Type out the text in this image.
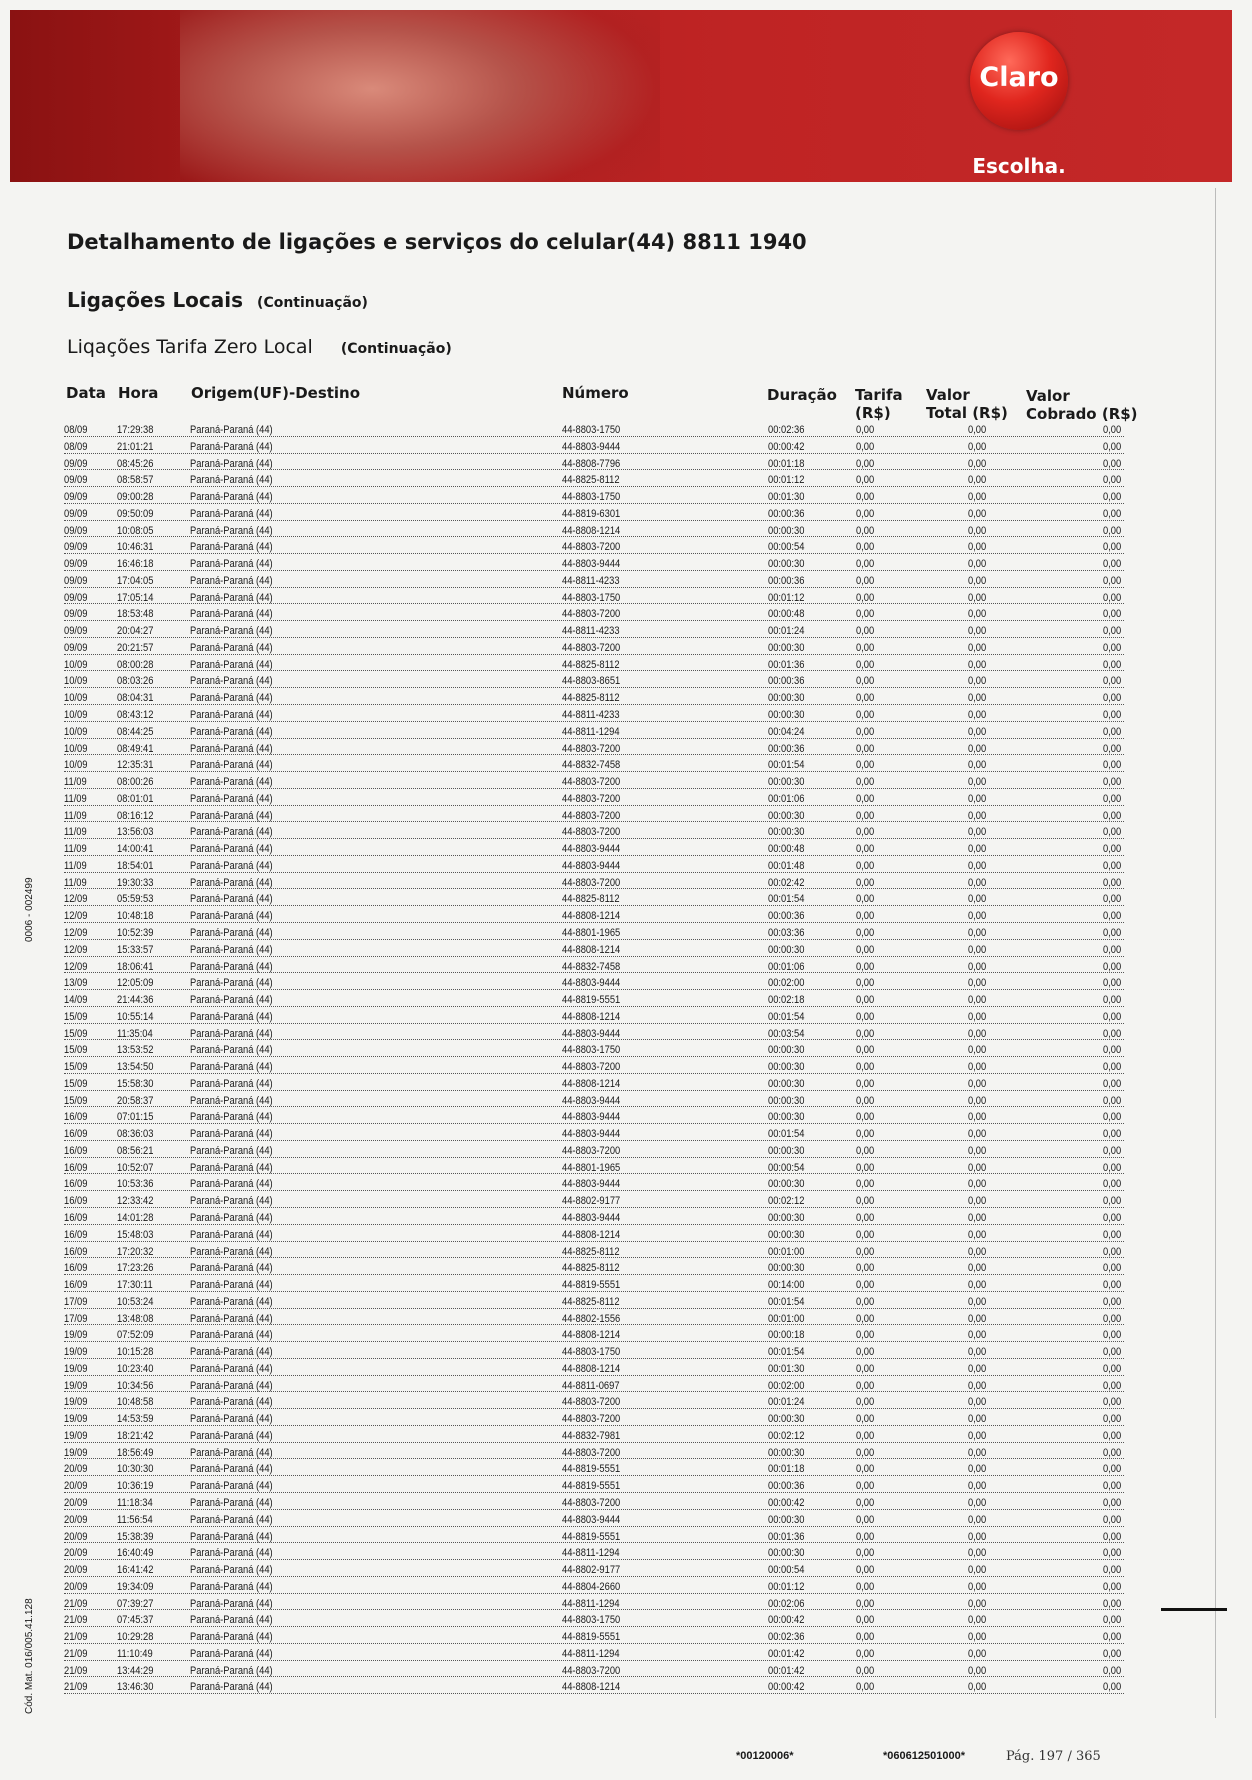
Claro
Escolha.
Detalhamento de ligações e serviços do celular(44) 8811 1940
Ligações Locais (Continuação)
Liqações Tarifa Zero Local (Continuação)
Data Hora Origem(UF)-Destino	Número	Duração Tarifa
(R$)
Valor
Total (R$)
Valor
Cobrado (R$)
08/09	17:29:38	Paraná-Paraná (44)	44-8803-1750	00:02:36	0,00	0,00	0,00
08/09	21:01:21	Paraná-Paraná (44)	44-8803-9444	00:00:42	0,00	0,00	0,00
09/09	08:45:26	Paraná-Paraná (44)	44-8808-7796	00:01:18	0,00	0,00	0,00
09/09	08:58:57	Paraná-Paraná (44)	44-8825-8112	00:01:12	0,00	0,00	0,00
09/09	09:00:28	Paraná-Paraná (44)	44-8803-1750	00:01:30	0,00	0,00	0,00
09/09	09:50:09	Paraná-Paraná (44)	44-8819-6301	00:00:36	0,00	0,00	0,00
09/09	10:08:05	Paraná-Paraná (44)	44-8808-1214	00:00:30	0,00	0,00	0,00
09/09	10:46:31	Paraná-Paraná (44)	44-8803-7200	00:00:54	0,00	0,00	0,00
09/09	16:46:18	Paraná-Paraná (44)	44-8803-9444	00:00:30	0,00	0,00	0,00
09/09	17:04:05	Paraná-Paraná (44)	44-8811-4233	00:00:36	0,00	0,00	0,00
09/09	17:05:14	Paraná-Paraná (44)	44-8803-1750	00:01:12	0,00	0,00	0,00
09/09	18:53:48	Paraná-Paraná (44)	44-8803-7200	00:00:48	0,00	0,00	0,00
09/09	20:04:27	Paraná-Paraná (44)	44-8811-4233	00:01:24	0,00	0,00	0,00
09/09	20:21:57	Paraná-Paraná (44)	44-8803-7200	00:00:30	0,00	0,00	0,00
10/09	08:00:28	Paraná-Paraná (44)	44-8825-8112	00:01:36	0,00	0,00	0,00
10/09	08:03:26	Paraná-Paraná (44)	44-8803-8651	00:00:36	0,00	0,00	0,00
10/09	08:04:31	Paraná-Paraná (44)	44-8825-8112	00:00:30	0,00	0,00	0,00
10/09	08:43:12	Paraná-Paraná (44)	44-8811-4233	00:00:30	0,00	0,00	0,00
10/09	08:44:25	Paraná-Paraná (44)	44-8811-1294	00:04:24	0,00	0,00	0,00
10/09	08:49:41	Paraná-Paraná (44)	44-8803-7200	00:00:36	0,00	0,00	0,00
10/09	12:35:31	Paraná-Paraná (44)	44-8832-7458	00:01:54	0,00	0,00	0,00
11/09	08:00:26	Paraná-Paraná (44)	44-8803-7200	00:00:30	0,00	0,00	0,00
11/09	08:01:01	Paraná-Paraná (44)	44-8803-7200	00:01:06	0,00	0,00	0,00
11/09	08:16:12	Paraná-Paraná (44)	44-8803-7200	00:00:30	0,00	0,00	0,00
11/09	13:56:03	Paraná-Paraná (44)	44-8803-7200	00:00:30	0,00	0,00	0,00
11/09	14:00:41	Paraná-Paraná (44)	44-8803-9444	00:00:48	0,00	0,00	0,00
11/09	18:54:01	Paraná-Paraná (44)	44-8803-9444	00:01:48	0,00	0,00	0,00
11/09	19:30:33	Paraná-Paraná (44)	44-8803-7200	00:02:42	0,00	0,00	0,00
12/09	05:59:53	Paraná-Paraná (44)	44-8825-8112	00:01:54	0,00	0,00	0,00
12/09	10:48:18	Paraná-Paraná (44)	44-8808-1214	00:00:36	0,00	0,00	0,00
12/09	10:52:39	Paraná-Paraná (44)	44-8801-1965	00:03:36	0,00	0,00	0,00
12/09	15:33:57	Paraná-Paraná (44)	44-8808-1214	00:00:30	0,00	0,00	0,00
12/09	18:06:41	Paraná-Paraná (44)	44-8832-7458	00:01:06	0,00	0,00	0,00
13/09	12:05:09	Paraná-Paraná (44)	44-8803-9444	00:02:00	0,00	0,00	0,00
14/09	21:44:36	Paraná-Paraná (44)	44-8819-5551	00:02:18	0,00	0,00	0,00
15/09	10:55:14	Paraná-Paraná (44)	44-8808-1214	00:01:54	0,00	0,00	0,00
15/09	11:35:04	Paraná-Paraná (44)	44-8803-9444	00:03:54	0,00	0,00	0,00
15/09	13:53:52	Paraná-Paraná (44)	44-8803-1750	00:00:30	0,00	0,00	0,00
15/09	13:54:50	Paraná-Paraná (44)	44-8803-7200	00:00:30	0,00	0,00	0,00
15/09	15:58:30	Paraná-Paraná (44)	44-8808-1214	00:00:30	0,00	0,00	0,00
15/09	20:58:37	Paraná-Paraná (44)	44-8803-9444	00:00:30	0,00	0,00	0,00
16/09	07:01:15	Paraná-Paraná (44)	44-8803-9444	00:00:30	0,00	0,00	0,00
16/09	08:36:03	Paraná-Paraná (44)	44-8803-9444	00:01:54	0,00	0,00	0,00
16/09	08:56:21	Paraná-Paraná (44)	44-8803-7200	00:00:30	0,00	0,00	0,00
16/09	10:52:07	Paraná-Paraná (44)	44-8801-1965	00:00:54	0,00	0,00	0,00
16/09	10:53:36	Paraná-Paraná (44)	44-8803-9444	00:00:30	0,00	0,00	0,00
16/09	12:33:42	Paraná-Paraná (44)	44-8802-9177	00:02:12	0,00	0,00	0,00
16/09	14:01:28	Paraná-Paraná (44)	44-8803-9444	00:00:30	0,00	0,00	0,00
16/09	15:48:03	Paraná-Paraná (44)	44-8808-1214	00:00:30	0,00	0,00	0,00
16/09	17:20:32	Paraná-Paraná (44)	44-8825-8112	00:01:00	0,00	0,00	0,00
16/09	17:23:26	Paraná-Paraná (44)	44-8825-8112	00:00:30	0,00	0,00	0,00
16/09	17:30:11	Paraná-Paraná (44)	44-8819-5551	00:14:00	0,00	0,00	0,00
17/09	10:53:24	Paraná-Paraná (44)	44-8825-8112	00:01:54	0,00	0,00	0,00
17/09	13:48:08	Paraná-Paraná (44)	44-8802-1556	00:01:00	0,00	0,00	0,00
19/09	07:52:09	Paraná-Paraná (44)	44-8808-1214	00:00:18	0,00	0,00	0,00
19/09	10:15:28	Paraná-Paraná (44)	44-8803-1750	00:01:54	0,00	0,00	0,00
19/09	10:23:40	Paraná-Paraná (44)	44-8808-1214	00:01:30	0,00	0,00	0,00
19/09	10:34:56	Paraná-Paraná (44)	44-8811-0697	00:02:00	0,00	0,00	0,00
19/09	10:48:58	Paraná-Paraná (44)	44-8803-7200	00:01:24	0,00	0,00	0,00
19/09	14:53:59	Paraná-Paraná (44)	44-8803-7200	00:00:30	0,00	0,00	0,00
19/09	18:21:42	Paraná-Paraná (44)	44-8832-7981	00:02:12	0,00	0,00	0,00
19/09	18:56:49	Paraná-Paraná (44)	44-8803-7200	00:00:30	0,00	0,00	0,00
20/09	10:30:30	Paraná-Paraná (44)	44-8819-5551	00:01:18	0,00	0,00	0,00
20/09	10:36:19	Paraná-Paraná (44)	44-8819-5551	00:00:36	0,00	0,00	0,00
20/09	11:18:34	Paraná-Paraná (44)	44-8803-7200	00:00:42	0,00	0,00	0,00
20/09	11:56:54	Paraná-Paraná (44)	44-8803-9444	00:00:30	0,00	0,00	0,00
20/09	15:38:39	Paraná-Paraná (44)	44-8819-5551	00:01:36	0,00	0,00	0,00
20/09	16:40:49	Paraná-Paraná (44)	44-8811-1294	00:00:30	0,00	0,00	0,00
20/09	16:41:42	Paraná-Paraná (44)	44-8802-9177	00:00:54	0,00	0,00	0,00
20/09	19:34:09	Paraná-Paraná (44)	44-8804-2660	00:01:12	0,00	0,00	0,00
21/09	07:39:27	Paraná-Paraná (44)	44-8811-1294	00:02:06	0,00	0,00	0,00
21/09	07:45:37	Paraná-Paraná (44)	44-8803-1750	00:00:42	0,00	0,00	0,00
21/09	10:29:28	Paraná-Paraná (44)	44-8819-5551	00:02:36	0,00	0,00	0,00
21/09	11:10:49	Paraná-Paraná (44)	44-8811-1294	00:01:42	0,00	0,00	0,00
21/09	13:44:29	Paraná-Paraná (44)	44-8803-7200	00:01:42	0,00	0,00	0,00
21/09	13:46:30	Paraná-Paraná (44)	44-8808-1214	00:00:42	0,00	0,00	0,00
0006 - 002499
Cód. Mat. 016/005.41.128
*00120006*	*060612501000*	Pág. 197 / 365
